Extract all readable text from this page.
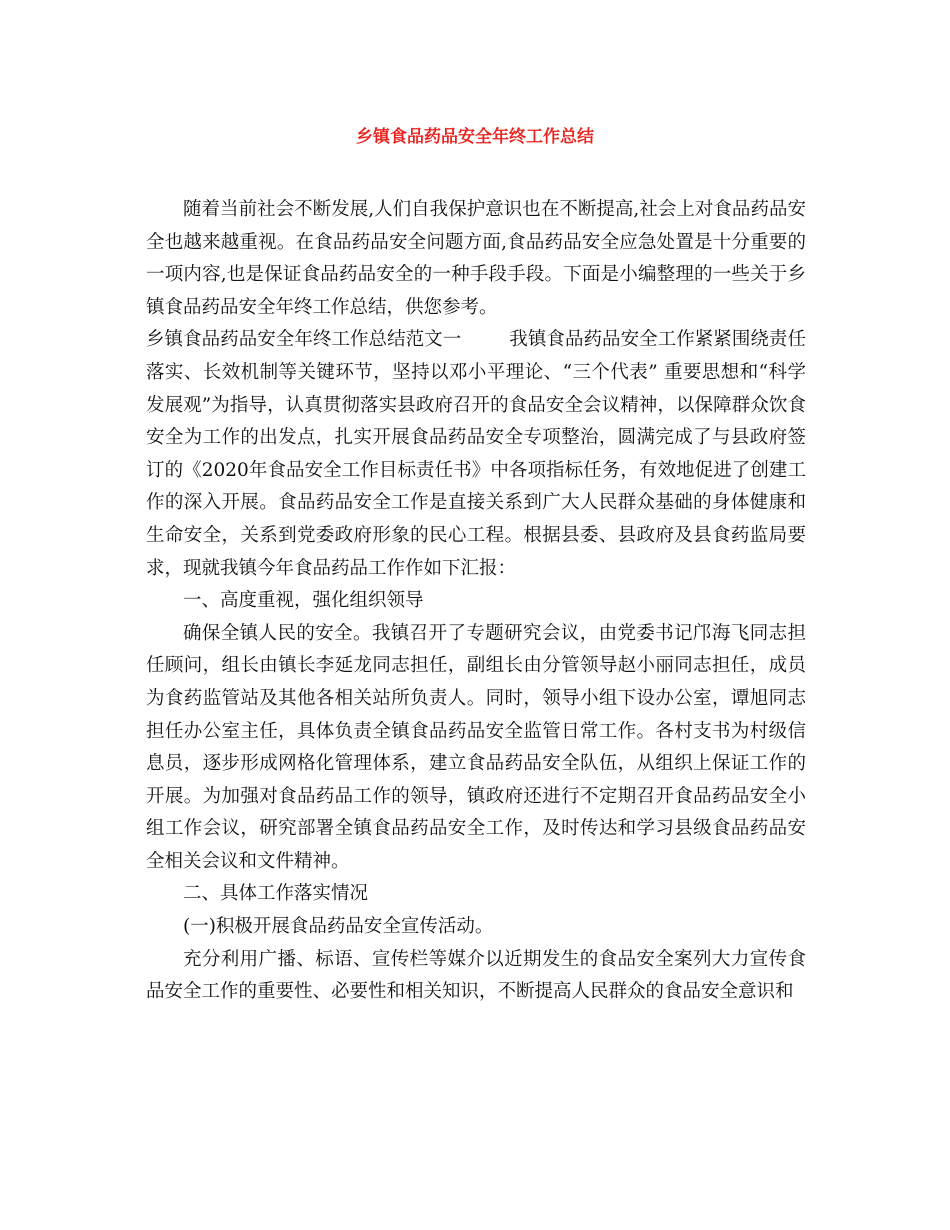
乡镇食品药品安全年终工作总结

随着当前社会不断发展,人们自我保护意识也在不断提高,社会上对食品药品安全也越来越重视。在食品药品安全问题方面,食品药品安全应急处置是十分重要的一项内容,也是保证食品药品安全的一种手段手段。下面是小编整理的一些关于乡镇食品药品安全年终工作总结，供您参考。

乡镇食品药品安全年终工作总结范文一	我镇食品药品安全工作紧紧围绕责任落实、长效机制等关键环节，坚持以邓小平理论、“三个代表” 重要思想和“科学发展观”为指导，认真贯彻落实县政府召开的食品安全会议精神，以保障群众饮食安全为工作的出发点，扎实开展食品药品安全专项整治，圆满完成了与县政府签订的《2020年食品安全工作目标责任书》中各项指标任务，有效地促进了创建工作的深入开展。食品药品安全工作是直接关系到广大人民群众基础的身体健康和生命安全，关系到党委政府形象的民心工程。根据县委、县政府及县食药监局要求，现就我镇今年食品药品工作作如下汇报：

一、高度重视，强化组织领导

确保全镇人民的安全。我镇召开了专题研究会议，由党委书记邝海飞同志担任顾问，组长由镇长李延龙同志担任，副组长由分管领导赵小丽同志担任，成员为食药监管站及其他各相关站所负责人。同时，领导小组下设办公室，谭旭同志担任办公室主任，具体负责全镇食品药品安全监管日常工作。各村支书为村级信息员，逐步形成网格化管理体系，建立食品药品安全队伍，从组织上保证工作的开展。为加强对食品药品工作的领导，镇政府还进行不定期召开食品药品安全小组工作会议，研究部署全镇食品药品安全工作，及时传达和学习县级食品药品安全相关会议和文件精神。

二、具体工作落实情况

(一)积极开展食品药品安全宣传活动。

充分利用广播、标语、宣传栏等媒介以近期发生的食品安全案列大力宣传食品安全工作的重要性、必要性和相关知识，不断提高人民群众的食品安全意识和
